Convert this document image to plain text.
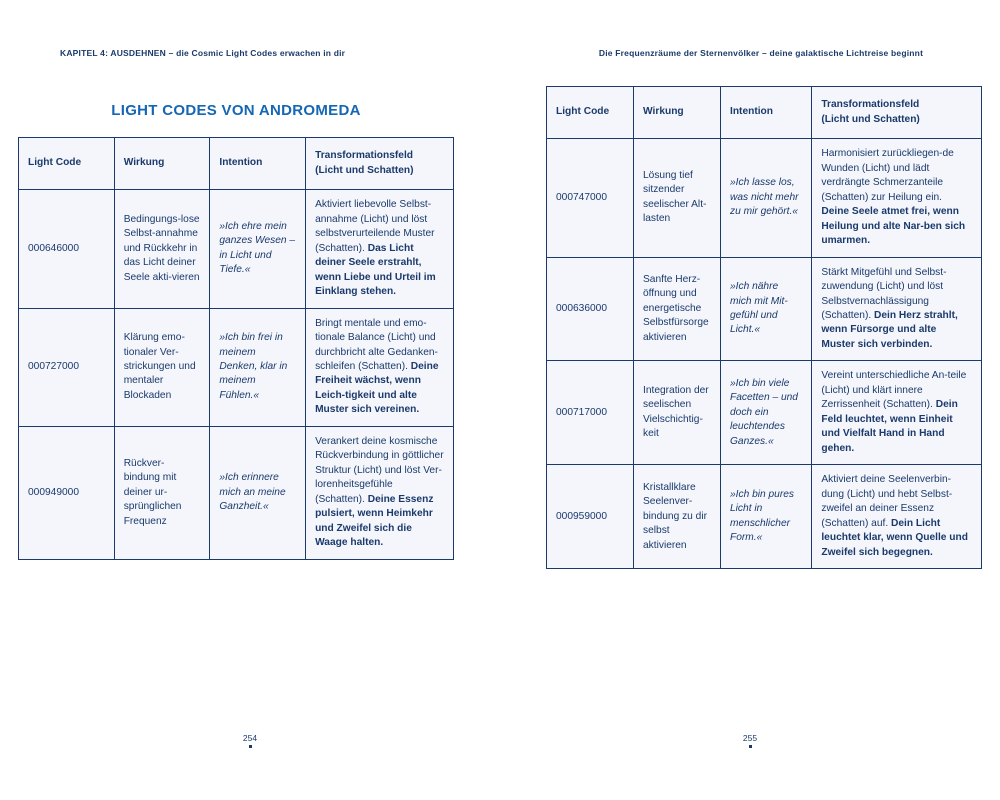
KAPITEL 4: AUSDEHNEN – die Cosmic Light Codes erwachen in dir
LIGHT CODES VON ANDROMEDA
Light Code	Wirkung	Intention	Transformationsfeld
(Licht und Schatten)

000646000	Bedingungs-lose Selbst-annahme und Rückkehr in das Licht deiner Seele akti-vieren	»Ich ehre mein ganzes Wesen – in Licht und Tiefe.«	Aktiviert liebevolle Selbst-annahme (Licht) und löst selbstverurteilende Muster (Schatten). Das Licht deiner Seele erstrahlt, wenn Liebe und Urteil im Einklang stehen.
000727000	Klärung emo-tionaler Ver-strickungen und mentaler Blockaden	»Ich bin frei in meinem Denken, klar in meinem Fühlen.«	Bringt mentale und emo-tionale Balance (Licht) und durchbricht alte Gedanken-schleifen (Schatten). Deine Freiheit wächst, wenn Leich-tigkeit und alte Muster sich vereinen.
000949000	Rückver-bindung mit deiner ur-sprünglichen Frequenz	»Ich erinnere mich an meine Ganzheit.«	Verankert deine kosmische Rückverbindung in göttlicher Struktur (Licht) und löst Ver-lorenheitsgefühle (Schatten). Deine Essenz pulsiert, wenn Heimkehr und Zweifel sich die Waage halten.
254
Die Frequenzräume der Sternenvölker – deine galaktische Lichtreise beginnt
Light Code	Wirkung	Intention	Transformationsfeld
(Licht und Schatten)

000747000	Lösung tief sitzender seelischer Alt-lasten	»Ich lasse los, was nicht mehr zu mir gehört.«	Harmonisiert zurückliegen-de Wunden (Licht) und lädt verdrängte Schmerzanteile (Schatten) zur Heilung ein. Deine Seele atmet frei, wenn Heilung und alte Nar-ben sich umarmen.
000636000	Sanfte Herz-öffnung und energetische Selbstfürsorge aktivieren	»Ich nähre mich mit Mit-gefühl und Licht.«	Stärkt Mitgefühl und Selbst-zuwendung (Licht) und löst Selbstvernachlässigung (Schatten). Dein Herz strahlt, wenn Fürsorge und alte Muster sich verbinden.
000717000	Integration der seelischen Vielschichtig-keit	»Ich bin viele Facetten – und doch ein leuchtendes Ganzes.«	Vereint unterschiedliche An-teile (Licht) und klärt innere Zerrissenheit (Schatten). Dein Feld leuchtet, wenn Einheit und Vielfalt Hand in Hand gehen.
000959000	Kristallklare Seelenver-bindung zu dir selbst aktivieren	»Ich bin pures Licht in menschlicher Form.«	Aktiviert deine Seelenverbin-dung (Licht) und hebt Selbst-zweifel an deiner Essenz (Schatten) auf. Dein Licht leuchtet klar, wenn Quelle und Zweifel sich begegnen.
255
